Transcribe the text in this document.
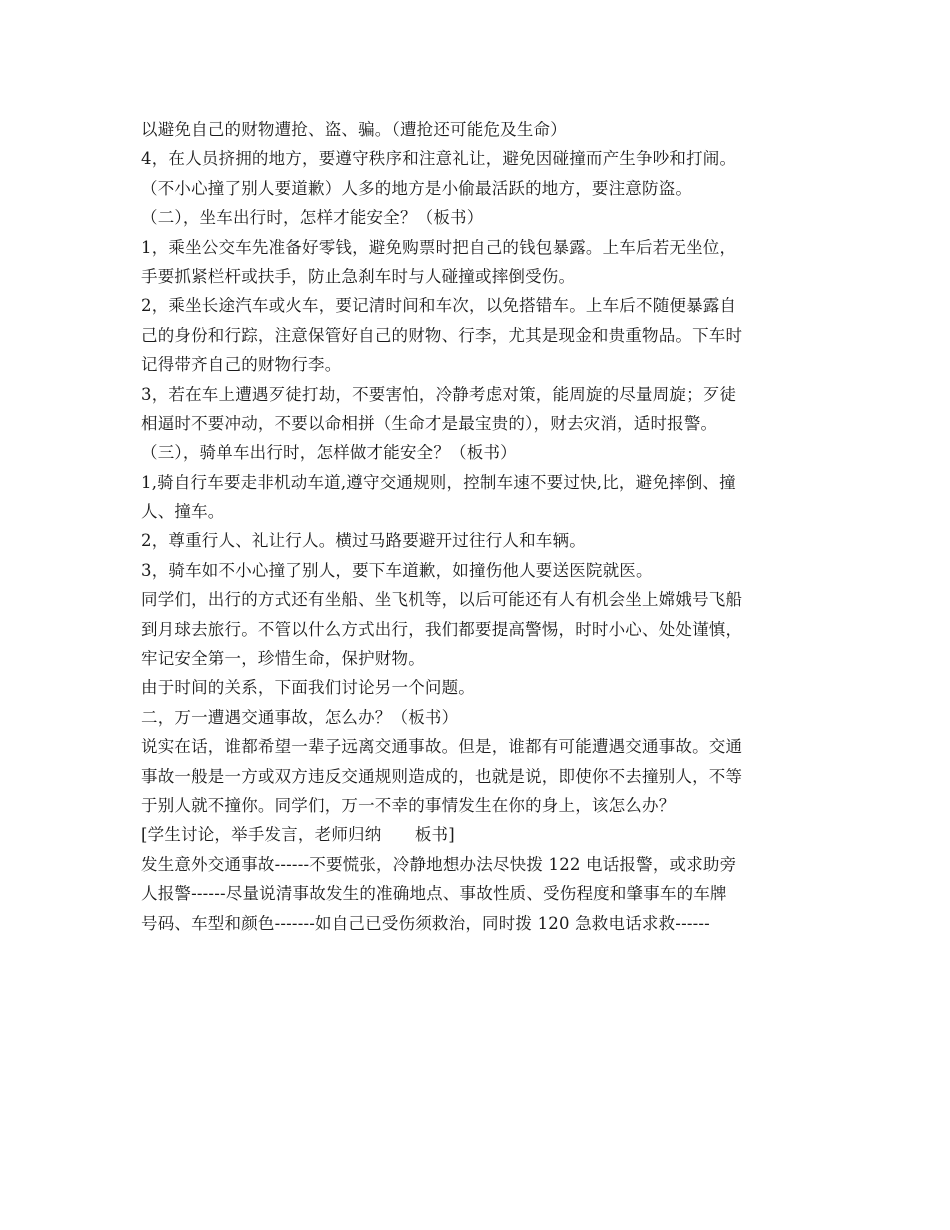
以避免自己的财物遭抢、盗、骗。（遭抢还可能危及生命）
4，在人员挤拥的地方，要遵守秩序和注意礼让，避免因碰撞而产生争吵和打闹。
（不小心撞了别人要道歉）人多的地方是小偷最活跃的地方，要注意防盗。
（二），坐车出行时，怎样才能安全？（板书）
1，乘坐公交车先准备好零钱，避免购票时把自己的钱包暴露。上车后若无坐位，
手要抓紧栏杆或扶手，防止急刹车时与人碰撞或摔倒受伤。
2，乘坐长途汽车或火车，要记清时间和车次，以免搭错车。上车后不随便暴露自
己的身份和行踪，注意保管好自己的财物、行李，尤其是现金和贵重物品。下车时
记得带齐自己的财物行李。
3，若在车上遭遇歹徒打劫，不要害怕，冷静考虑对策，能周旋的尽量周旋；歹徒
相逼时不要冲动，不要以命相拼（生命才是最宝贵的），财去灾消，适时报警。
（三），骑单车出行时，怎样做才能安全？（板书）
1,骑自行车要走非机动车道,遵守交通规则，控制车速不要过快,比，避免摔倒、撞
人、撞车。
2，尊重行人、礼让行人。横过马路要避开过往行人和车辆。
3，骑车如不小心撞了别人，要下车道歉，如撞伤他人要送医院就医。
同学们，出行的方式还有坐船、坐飞机等，以后可能还有人有机会坐上嫦娥号飞船
到月球去旅行。不管以什么方式出行，我们都要提高警惕，时时小心、处处谨慎，
牢记安全第一，珍惜生命，保护财物。
由于时间的关系，下面我们讨论另一个问题。
二，万一遭遇交通事故，怎么办？（板书）
说实在话，谁都希望一辈子远离交通事故。但是，谁都有可能遭遇交通事故。交通
事故一般是一方或双方违反交通规则造成的，也就是说，即使你不去撞别人，不等
于别人就不撞你。同学们，万一不幸的事情发生在你的身上，该怎么办？
[学生讨论，举手发言，老师归纳　　板书]
发生意外交通事故------不要慌张，冷静地想办法尽快拨 122 电话报警，或求助旁
人报警------尽量说清事故发生的准确地点、事故性质、受伤程度和肇事车的车牌
号码、车型和颜色-------如自己已受伤须救治，同时拨 120 急救电话求救------
